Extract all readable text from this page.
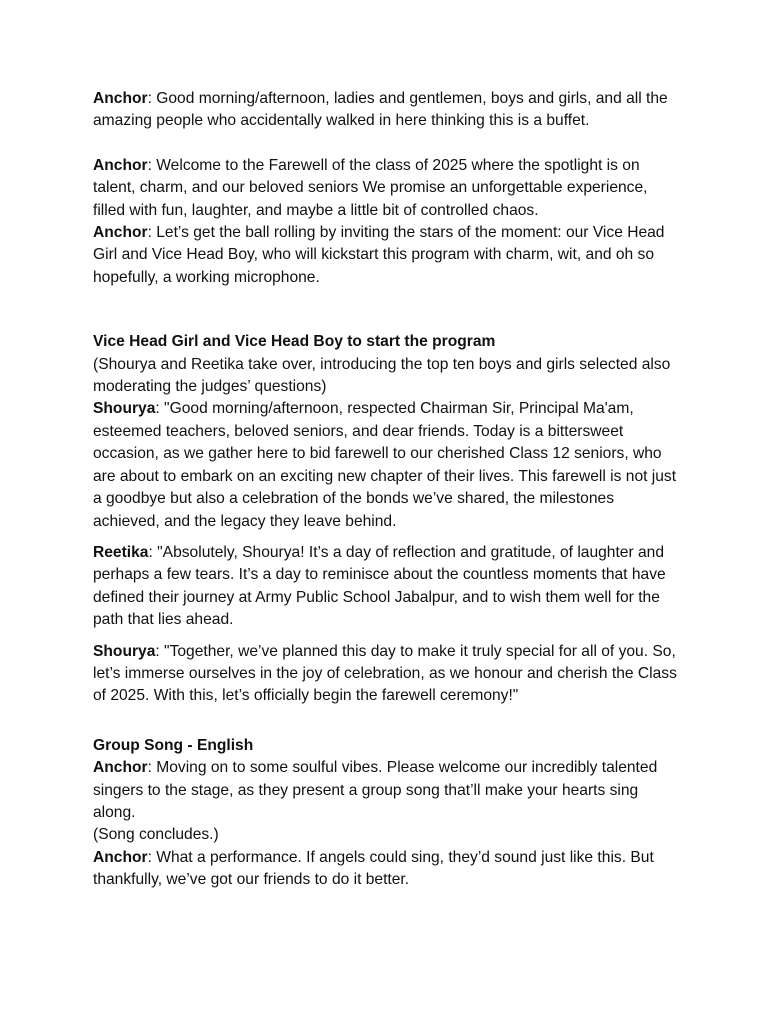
Anchor: Good morning/afternoon, ladies and gentlemen, boys and girls, and all the amazing people who accidentally walked in here thinking this is a buffet.

Anchor: Welcome to the Farewell of the class of 2025 where the spotlight is on talent, charm, and our beloved seniors We promise an unforgettable experience, filled with fun, laughter, and maybe a little bit of controlled chaos.

Anchor: Let’s get the ball rolling by inviting the stars of the moment: our Vice Head Girl and Vice Head Boy, who will kickstart this program with charm, wit, and oh so hopefully, a working microphone.

Vice Head Girl and Vice Head Boy to start the program
(Shourya and Reetika take over, introducing the top ten boys and girls selected also moderating the judges’ questions)

Shourya: "Good morning/afternoon, respected Chairman Sir, Principal Ma'am, esteemed teachers, beloved seniors, and dear friends. Today is a bittersweet occasion, as we gather here to bid farewell to our cherished Class 12 seniors, who are about to embark on an exciting new chapter of their lives. This farewell is not just a goodbye but also a celebration of the bonds we’ve shared, the milestones achieved, and the legacy they leave behind.

Reetika: "Absolutely, Shourya! It’s a day of reflection and gratitude, of laughter and perhaps a few tears. It’s a day to reminisce about the countless moments that have defined their journey at Army Public School Jabalpur, and to wish them well for the path that lies ahead.

Shourya: "Together, we’ve planned this day to make it truly special for all of you. So, let’s immerse ourselves in the joy of celebration, as we honour and cherish the Class of 2025. With this, let’s officially begin the farewell ceremony!"

Group Song - English
Anchor: Moving on to some soulful vibes. Please welcome our incredibly talented singers to the stage, as they present a group song that’ll make your hearts sing along.

(Song concludes.)

Anchor: What a performance. If angels could sing, they’d sound just like this. But thankfully, we’ve got our friends to do it better.
